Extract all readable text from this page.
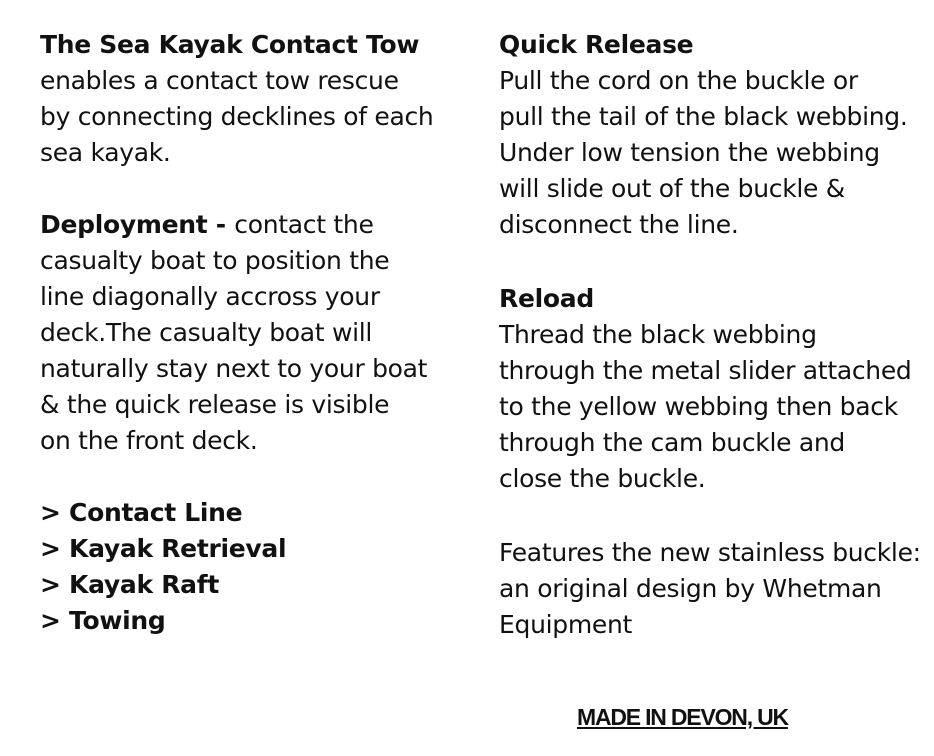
The Sea Kayak Contact Tow
enables a contact tow rescue
by connecting decklines of each
sea kayak.
Deployment - contact the
casualty boat to position the
line diagonally accross your
deck.The casualty boat will
naturally stay next to your boat
& the quick release is visible
on the front deck.
> Contact Line
> Kayak Retrieval
> Kayak Raft
> Towing
Quick Release
Pull the cord on the buckle or
pull the tail of the black webbing.
Under low tension the webbing
will slide out of the buckle &
disconnect the line.
Reload
Thread the black webbing
through the metal slider attached
to the yellow webbing then back
through the cam buckle and
close the buckle.
Features the new stainless buckle:
an original design by Whetman
Equipment
MADE IN DEVON, UK
